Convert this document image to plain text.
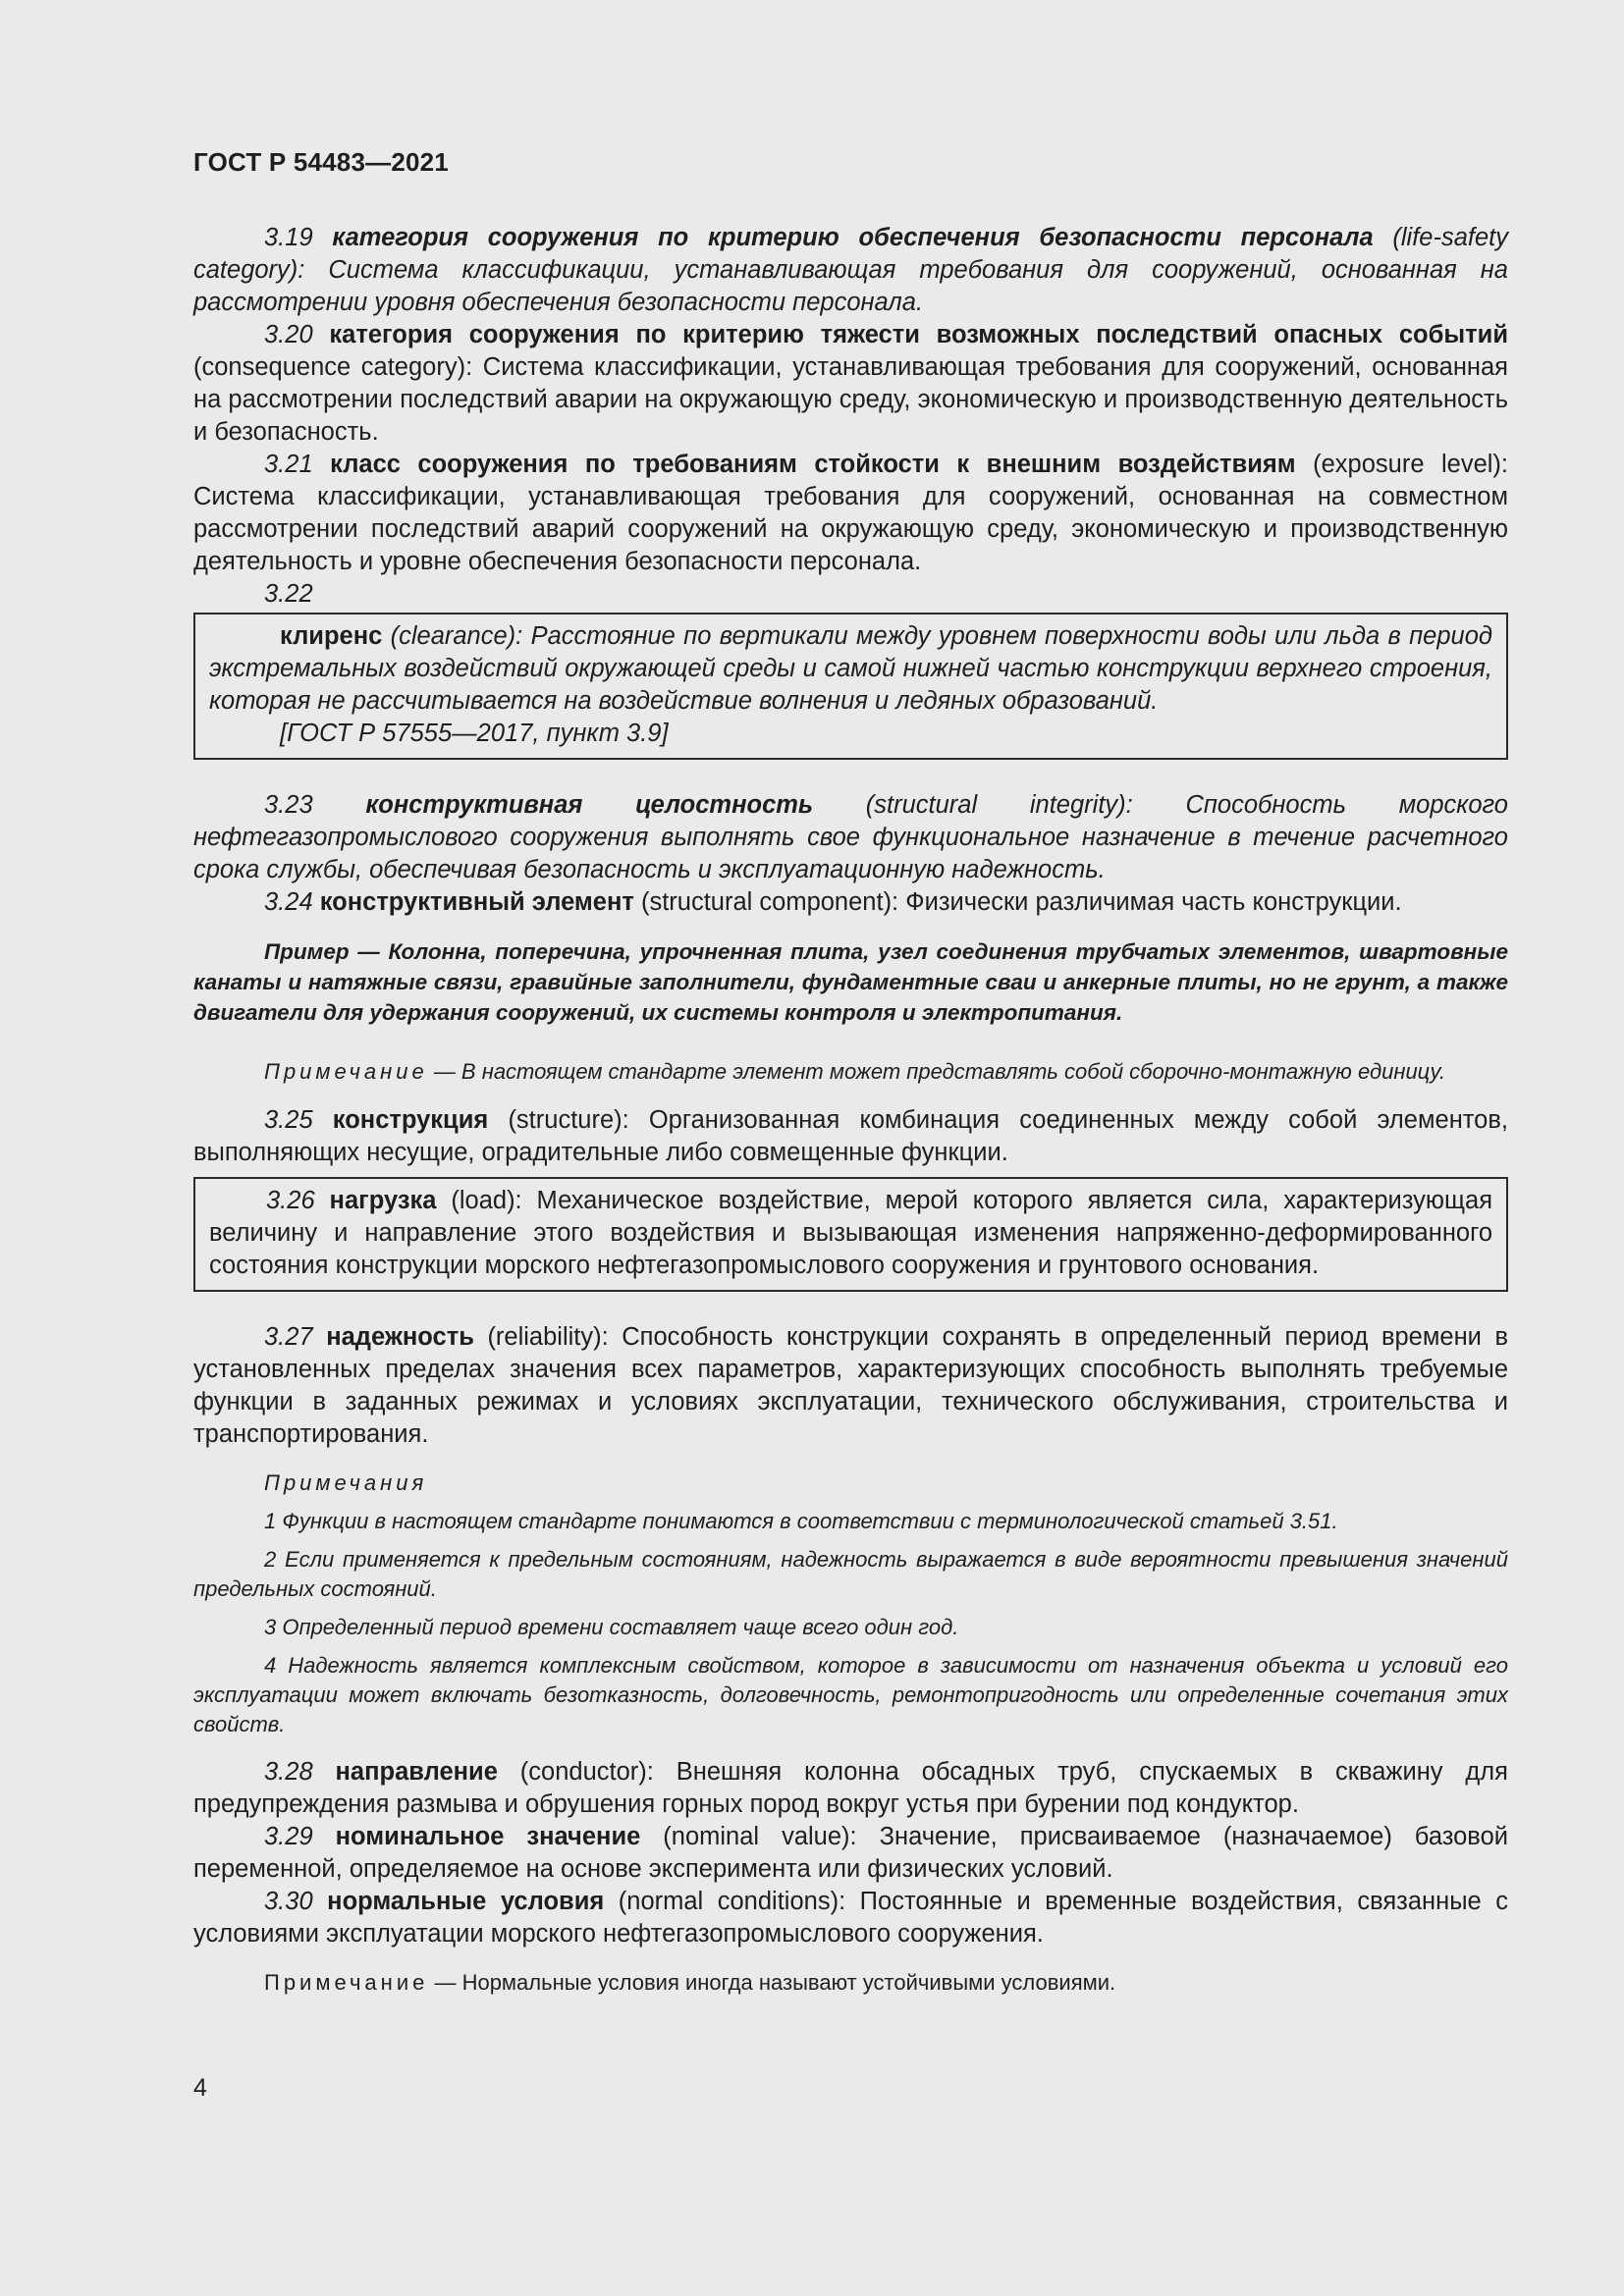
ГОСТ Р 54483—2021

3.19 категория сооружения по критерию обеспечения безопасности персонала (life-safety category): Система классификации, устанавливающая требования для сооружений, основанная на рассмотрении уровня обеспечения безопасности персонала.

3.20 категория сооружения по критерию тяжести возможных последствий опасных событий (consequence category): Система классификации, устанавливающая требования для сооружений, основанная на рассмотрении последствий аварии на окружающую среду, экономическую и производственную деятельность и безопасность.

3.21 класс сооружения по требованиям стойкости к внешним воздействиям (exposure level): Система классификации, устанавливающая требования для сооружений, основанная на совместном рассмотрении последствий аварий сооружений на окружающую среду, экономическую и производственную деятельность и уровне обеспечения безопасности персонала.

3.22

клиренс (clearance): Расстояние по вертикали между уровнем поверхности воды или льда в период экстремальных воздействий окружающей среды и самой нижней частью конструкции верхнего строения, которая не рассчитывается на воздействие волнения и ледяных образований.

[ГОСТ Р 57555—2017, пункт 3.9]

3.23 конструктивная целостность (structural integrity): Способность морского нефтегазопромыслового сооружения выполнять свое функциональное назначение в течение расчетного срока службы, обеспечивая безопасность и эксплуатационную надежность.

3.24 конструктивный элемент (structural component): Физически различимая часть конструкции.

Пример — Колонна, поперечина, упрочненная плита, узел соединения трубчатых элементов, швартовные канаты и натяжные связи, гравийные заполнители, фундаментные сваи и анкерные плиты, но не грунт, а также двигатели для удержания сооружений, их системы контроля и электропитания.

Примечание — В настоящем стандарте элемент может представлять собой сборочно-монтажную единицу.

3.25 конструкция (structure): Организованная комбинация соединенных между собой элементов, выполняющих несущие, оградительные либо совмещенные функции.

3.26 нагрузка (load): Механическое воздействие, мерой которого является сила, характеризующая величину и направление этого воздействия и вызывающая изменения напряженно-деформированного состояния конструкции морского нефтегазопромыслового сооружения и грунтового основания.

3.27 надежность (reliability): Способность конструкции сохранять в определенный период времени в установленных пределах значения всех параметров, характеризующих способность выполнять требуемые функции в заданных режимах и условиях эксплуатации, технического обслуживания, строительства и транспортирования.

Примечания

1 Функции в настоящем стандарте понимаются в соответствии с терминологической статьей 3.51.

2 Если применяется к предельным состояниям, надежность выражается в виде вероятности превышения значений предельных состояний.

3 Определенный период времени составляет чаще всего один год.

4 Надежность является комплексным свойством, которое в зависимости от назначения объекта и условий его эксплуатации может включать безотказность, долговечность, ремонтопригодность или определенные сочетания этих свойств.

3.28 направление (conductor): Внешняя колонна обсадных труб, спускаемых в скважину для предупреждения размыва и обрушения горных пород вокруг устья при бурении под кондуктор.

3.29 номинальное значение (nominal value): Значение, присваиваемое (назначаемое) базовой переменной, определяемое на основе эксперимента или физических условий.

3.30 нормальные условия (normal conditions): Постоянные и временные воздействия, связанные с условиями эксплуатации морского нефтегазопромыслового сооружения.

Примечание — Нормальные условия иногда называют устойчивыми условиями.

4
